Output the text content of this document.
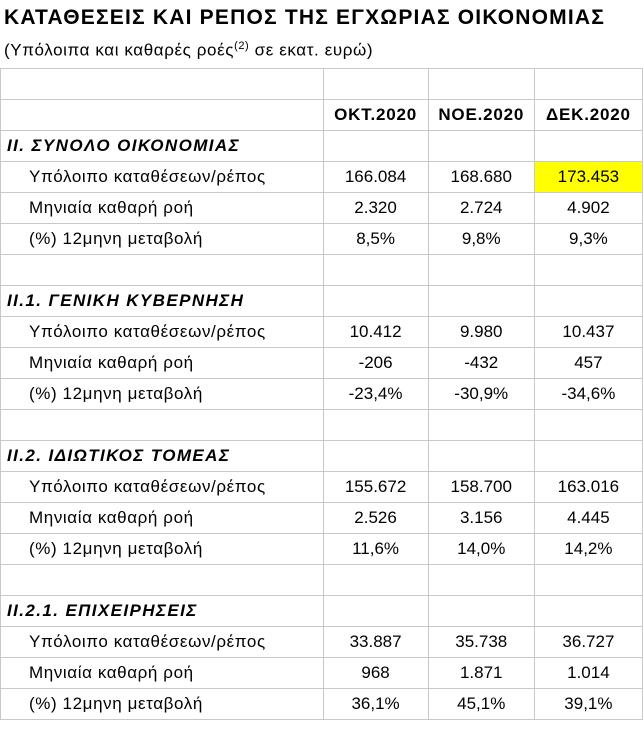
ΚΑΤΑΘΕΣΕΙΣ ΚΑΙ ΡΕΠΟΣ ΤΗΣ ΕΓΧΩΡΙΑΣ ΟΙΚΟΝΟΜΙΑΣ
(Υπόλοιπα και καθαρές ροές$^{(2)}$ σε εκατ. ευρώ)

	ΟΚΤ.2020	ΝΟΕ.2020	ΔΕΚ.2020
ΙΙ. ΣΥΝΟΛΟ ΟΙΚΟΝΟΜΙΑΣ			
Υπόλοιπο καταθέσεων/ρέπος	166.084	168.680	173.453
Μηνιαία καθαρή ροή	2.320	2.724	4.902
(%) 12μηνη μεταβολή	8,5%	9,8%	9,3%

ΙΙ.1. ΓΕΝΙΚΗ ΚΥΒΕΡΝΗΣΗ			
Υπόλοιπο καταθέσεων/ρέπος	10.412	9.980	10.437
Μηνιαία καθαρή ροή	-206	-432	457
(%) 12μηνη μεταβολή	-23,4%	-30,9%	-34,6%

ΙΙ.2. ΙΔΙΩΤΙΚΟΣ ΤΟΜΕΑΣ			
Υπόλοιπο καταθέσεων/ρέπος	155.672	158.700	163.016
Μηνιαία καθαρή ροή	2.526	3.156	4.445
(%) 12μηνη μεταβολή	11,6%	14,0%	14,2%

ΙΙ.2.1. ΕΠΙΧΕΙΡΗΣΕΙΣ			
Υπόλοιπο καταθέσεων/ρέπος	33.887	35.738	36.727
Μηνιαία καθαρή ροή	968	1.871	1.014
(%) 12μηνη μεταβολή	36,1%	45,1%	39,1%
